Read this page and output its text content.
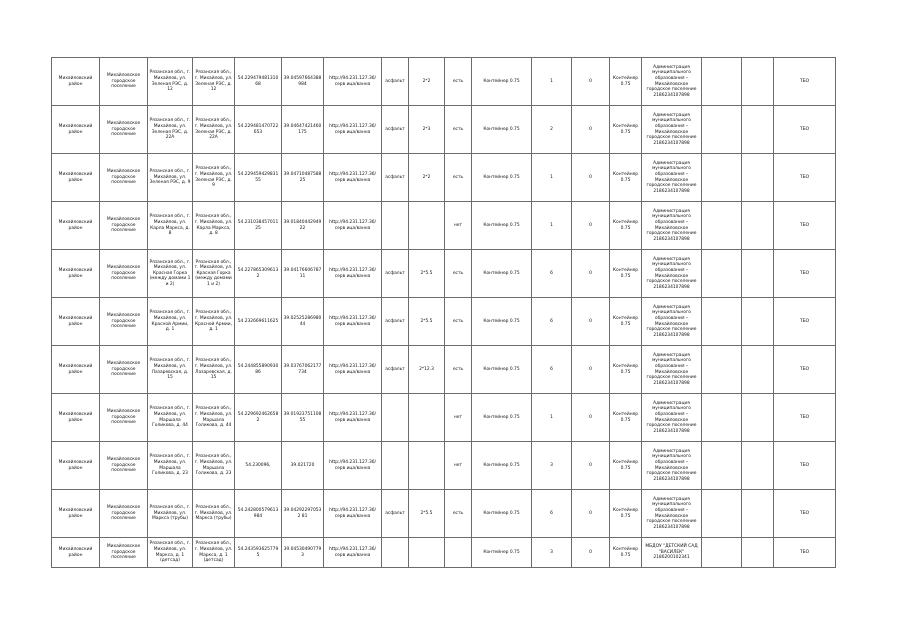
Михайловский район	Михайловское городское поселение	Рязанская обл., г. Михайлов, ул. Зеленая РЭС, д. 12	Рязанская обл., г. Михайлов, ул. Зеленая РЭС, д. 12	54.229479481310 68	39.04597664388 984	http://94.231.127.36/серв ица/ванна	асфальт	2*2	есть	Контейнер 0.75	1	0	Контейнер 0.75	Администрация муниципального образования – Михайловское городское поселение 2186234107898			ТБО
Михайловский район	Михайловское городское поселение	Рязанская обл., г. Михайлов, ул. Зеленая РЭС, д. 22А	Рязанская обл., г. Михайлов, ул. Зеленая РЭС, д. 22А	54.229481470722 653	39.04647421460 175	http://94.231.127.36/серв ица/ванна	асфальт	2*3	есть	Контейнер 0.75	2	0	Контейнер 0.75	Администрация муниципального образования – Михайловское городское поселение 2186234107898			ТБО
Михайловский район	Михайловское городское поселение	Рязанская обл., г. Михайлов, ул. Зеленая РЭС, д. 9	Рязанская обл., г. Михайлов, ул. Зеленая РЭС, д. 9	54.229459429831 55	39.04710487588 25	http://94.231.127.36/серв ица/ванна	асфальт	2*2	есть	Контейнер 0.75	1	0	Контейнер 0.75	Администрация муниципального образования – Михайловское городское поселение 2186234107898			ТБО
Михайловский район	Михайловское городское поселение	Рязанская обл., г. Михайлов, ул. Карла Маркса, д. 8	Рязанская обл., г. Михайлов, ул. Карла Маркса, д. 8	54.231038457011 25	39.01840442949 22	http://94.231.127.36/серв ица/ванна			нет	Контейнер 0.75	1	0	Контейнер 0.75	Администрация муниципального образования – Михайловское городское поселение 2186234107898			ТБО
Михайловский район	Михайловское городское поселение	Рязанская обл., г. Михайлов, ул. Красная Горка (между домами 1 и 2)	Рязанская обл., г. Михайлов, ул. Красная Горка (между домами 1 и 2)	54.227865309613 2	39.04176606787 11	http://94.231.127.36/серв ица/ванна	асфальт	2*5.5	есть	Контейнер 0.75	6	0	Контейнер 0.75	Администрация муниципального образования – Михайловское городское поселение 2186234107898			ТБО
Михайловский район	Михайловское городское поселение	Рязанская обл., г. Михайлов, ул. Красной Армии, д. 1	Рязанская обл., г. Михайлов, ул. Красной Армии, д. 1	54.232669611625	39.02525286980 44	http://94.231.127.36/серв ица/ванна	асфальт	2*5.5	есть	Контейнер 0.75	6	0	Контейнер 0.75	Администрация муниципального образования – Михайловское городское поселение 2186234107898			ТБО
Михайловский район	Михайловское городское поселение	Рязанская обл., г. Михайлов, ул. Лазаревская, д. 15	Рязанская обл., г. Михайлов, ул. Лазаревская, д. 15	54.244855890930 86	39.03767062177 734	http://94.231.127.36/серв ица/ванна	асфальт	2*12.3	есть	Контейнер 0.75	6	0	Контейнер 0.75	Администрация муниципального образования – Михайловское городское поселение 2186234107898			ТБО
Михайловский район	Михайловское городское поселение	Рязанская обл., г. Михайлов, ул. Маршала Голикова, д. 44	Рязанская обл., г. Михайлов, ул. Маршала Голикова, д. 44	54.229692462658 2	39.01923751108 55	http://94.231.127.36/серв ица/ванна			нет	Контейнер 0.75	1	0	Контейнер 0.75	Администрация муниципального образования – Михайловское городское поселение 2186234107898			ТБО
Михайловский район	Михайловское городское поселение	Рязанская обл., г. Михайлов, ул. Маршала Голикова, д. 23	Рязанская обл., г. Михайлов, ул. Маршала Голикова, д. 23	54.230096,	39.021720	http://94.231.127.36/серв ица/ванна			нет	Контейнер 0.75	3	0	Контейнер 0.75	Администрация муниципального образования – Михайловское городское поселение 2186234107898			ТБО
Михайловский район	Михайловское городское поселение	Рязанская обл., г. Михайлов, ул. Маркса (трубы)	Рязанская обл., г. Михайлов, ул. Маркса (трубы)	54.242800579613 984	39.04292297053 2 81	http://94.231.127.36/серв ица/ванна	асфальт	2*5.5	есть	Контейнер 0.75	6	0	Контейнер 0.75	Администрация муниципального образования – Михайловское городское поселение 2186234107898			ТБО
Михайловский район	Михайловское городское поселение	Рязанская обл., г. Михайлов, ул. Маркса, д. 1 (детсад)	Рязанская обл., г. Михайлов, ул. Маркса, д. 1 (детсад)	54.243593625779 5	39.04530490779 3	http://94.231.127.36/серв ица/ванна				Контейнер 0.75	3	0	Контейнер 0.75	МБДОУ "ДЕТСКИЙ САД "ВАСИЛЕК" 2186200102341			ТБО
